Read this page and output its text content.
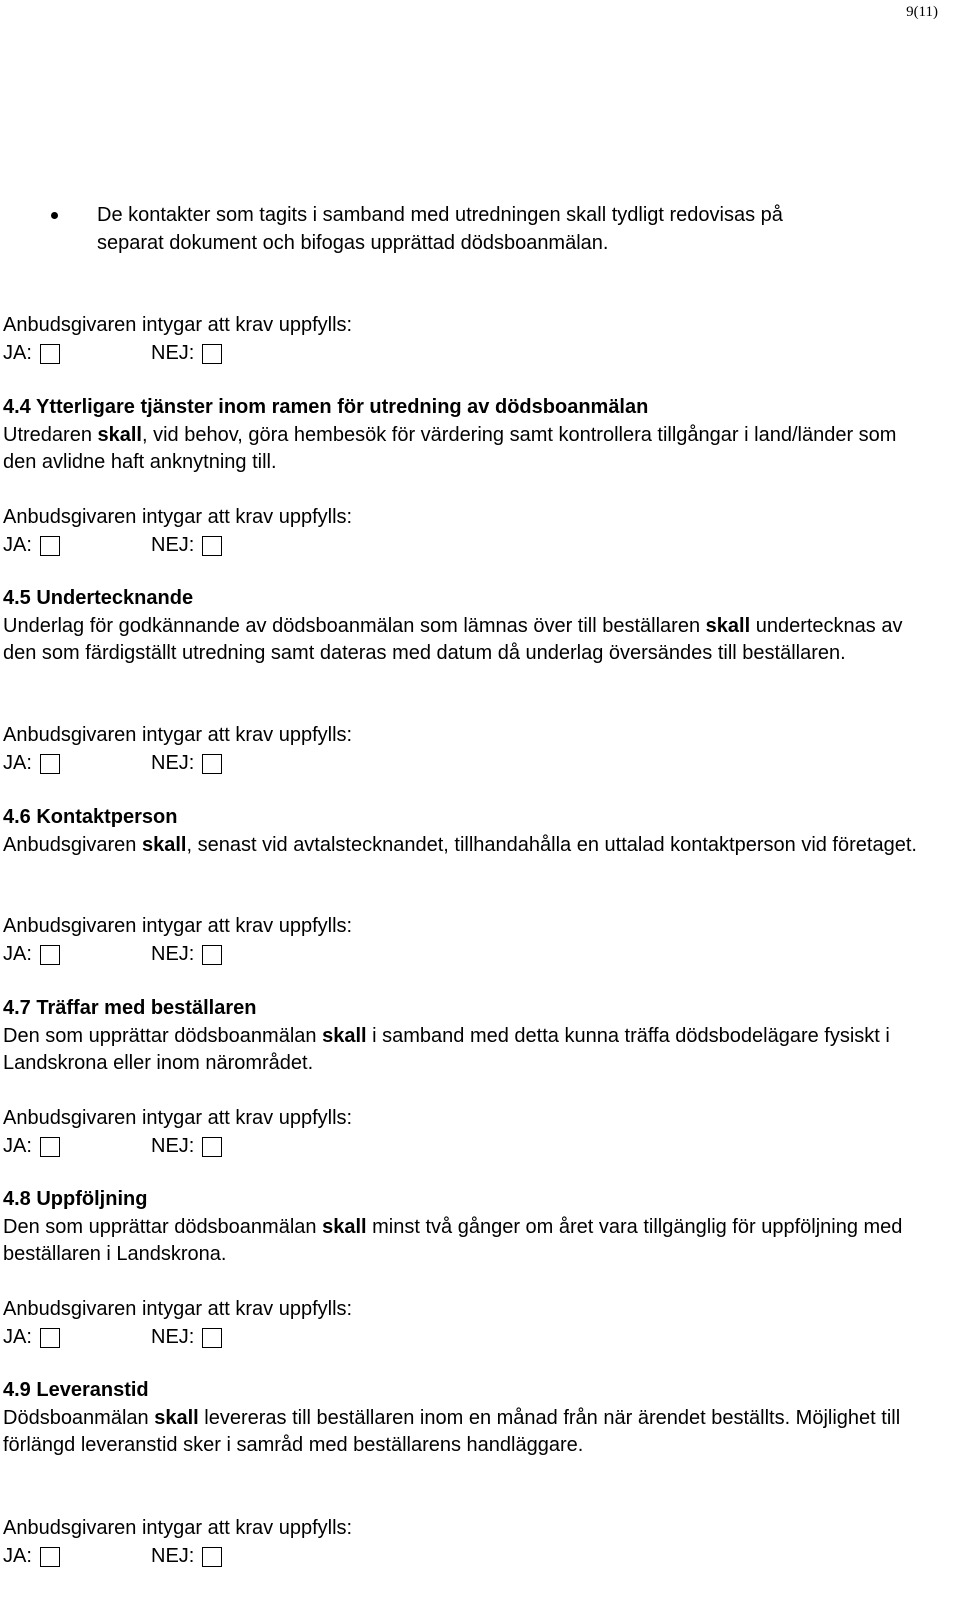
9(11)
De kontakter som tagits i samband med utredningen skall tydligt redovisas på separat dokument och bifogas upprättad dödsboanmälan.
Anbudsgivaren intygar att krav uppfylls:
JA:	NEJ:
4.4 Ytterligare tjänster inom ramen för utredning av dödsboanmälan
Utredaren skall, vid behov, göra hembesök för värdering samt kontrollera tillgångar i land/länder som den avlidne haft anknytning till.
Anbudsgivaren intygar att krav uppfylls:
JA:	NEJ:
4.5 Undertecknande
Underlag för godkännande av dödsboanmälan som lämnas över till beställaren skall undertecknas av den som färdigställt utredning samt dateras med datum då underlag översändes till beställaren.
Anbudsgivaren intygar att krav uppfylls:
JA:	NEJ:
4.6 Kontaktperson
Anbudsgivaren skall, senast vid avtalstecknandet, tillhandahålla en uttalad kontaktperson vid företaget.
Anbudsgivaren intygar att krav uppfylls:
JA:	NEJ:
4.7 Träffar med beställaren
Den som upprättar dödsboanmälan skall i samband med detta kunna träffa dödsbodelägare fysiskt i Landskrona eller inom närområdet.
Anbudsgivaren intygar att krav uppfylls:
JA:	NEJ:
4.8 Uppföljning
Den som upprättar dödsboanmälan skall minst två gånger om året vara tillgänglig för uppföljning med beställaren i Landskrona.
Anbudsgivaren intygar att krav uppfylls:
JA:	NEJ:
4.9 Leveranstid
Dödsboanmälan skall levereras till beställaren inom en månad från när ärendet beställts. Möjlighet till förlängd leveranstid sker i samråd med beställarens handläggare.
Anbudsgivaren intygar att krav uppfylls:
JA:	NEJ:
